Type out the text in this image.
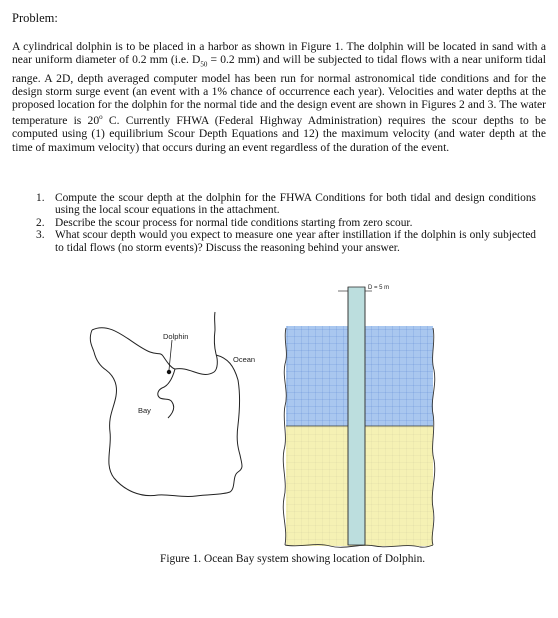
Problem:
A cylindrical dolphin is to be placed in a harbor as shown in Figure 1. The dolphin will be located in sand with a near uniform diameter of 0.2 mm (i.e. $D_{50} = 0.2$ mm) and will be subjected to tidal flows with a near uniform tidal range. A 2D, depth averaged computer model has been run for normal astronomical tide conditions and for the design storm surge event (an event with a 1% chance of occurrence each year). Velocities and water depths at the proposed location for the dolphin for the normal tide and the design event are shown in Figures 2 and 3. The water temperature is 20$^o$ C. Currently FHWA (Federal Highway Administration) requires the scour depths to be computed using (1) equilibrium Scour Depth Equations and 12) the maximum velocity (and water depth at the time of maximum velocity) that occurs during an event regardless of the duration of the event.
1. Compute the scour depth at the dolphin for the FHWA Conditions for both tidal and design conditions using the local scour equations in the attachment.
2. Describe the scour process for normal tide conditions starting from zero scour.
3. What scour depth would you expect to measure one year after instillation if the dolphin is only subjected to tidal flows (no storm events)? Discuss the reasoning behind your answer.
Dolphin
Ocean
Bay
D = 5 m
Figure 1. Ocean Bay system showing location of Dolphin.
